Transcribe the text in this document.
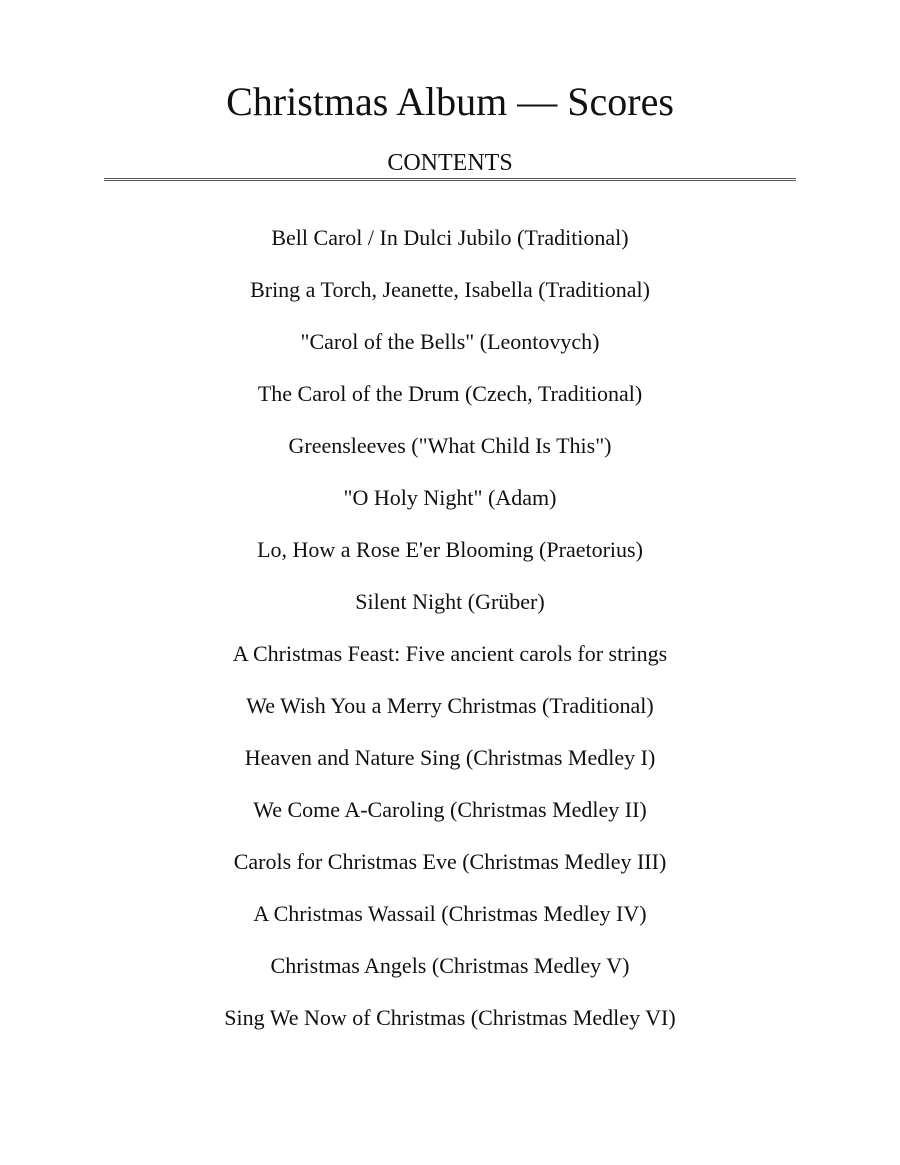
Christmas Album — Scores
CONTENTS
Bell Carol / In Dulci Jubilo (Traditional)
Bring a Torch, Jeanette, Isabella (Traditional)
"Carol of the Bells" (Leontovych)
The Carol of the Drum (Czech, Traditional)
Greensleeves ("What Child Is This")
"O Holy Night" (Adam)
Lo, How a Rose E'er Blooming (Praetorius)
Silent Night (Grüber)
A Christmas Feast: Five ancient carols for strings
We Wish You a Merry Christmas (Traditional)
Heaven and Nature Sing (Christmas Medley I)
We Come A-Caroling (Christmas Medley II)
Carols for Christmas Eve (Christmas Medley III)
A Christmas Wassail (Christmas Medley IV)
Christmas Angels (Christmas Medley V)
Sing We Now of Christmas (Christmas Medley VI)
